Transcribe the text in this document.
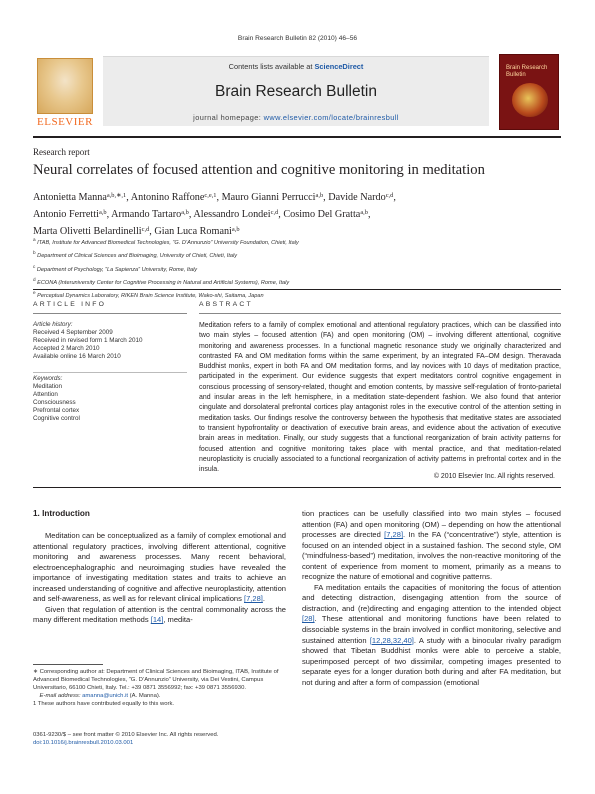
Brain Research Bulletin 82 (2010) 46–56
ELSEVIER
Contents lists available at ScienceDirect
Brain Research Bulletin
journal homepage: www.elsevier.com/locate/brainresbull
Brain Research Bulletin
Research report
Neural correlates of focused attention and cognitive monitoring in meditation
Antonietta Manna$^{a,b,∗,1}$, Antonino Raffone$^{c,e,1}$, Mauro Gianni Perrucci$^{a,b}$, Davide Nardo$^{c,d}$,
Antonio Ferretti$^{a,b}$, Armando Tartaro$^{a,b}$, Alessandro Londei$^{c,d}$, Cosimo Del Gratta$^{a,b}$,
Marta Olivetti Belardinelli$^{c,d}$, Gian Luca Romani$^{a,b}$
$^a$ ITAB, Institute for Advanced Biomedical Technologies, “G. D’Annunzio” University Foundation, Chieti, Italy
$^b$ Department of Clinical Sciences and Bioimaging, University of Chieti, Chieti, Italy
$^c$ Department of Psychology, “La Sapienza” University, Rome, Italy
$^d$ ECONA (Interuniversity Center for Cognitive Processing in Natural and Artificial Systems), Rome, Italy
$^e$ Perceptual Dynamics Laboratory, RIKEN Brain Science Institute, Wako-shi, Saitama, Japan
ARTICLE INFO	ABSTRACT
Article history:
Received 4 September 2009
Received in revised form 1 March 2010
Accepted 2 March 2010
Available online 16 March 2010
Keywords:
Meditation
Attention
Consciousness
Prefrontal cortex
Cognitive control
Meditation refers to a family of complex emotional and attentional regulatory practices, which can be classified into two main styles – focused attention (FA) and open monitoring (OM) – involving different attentional, cognitive monitoring and awareness processes. In a functional magnetic resonance study we originally characterized and contrasted FA and OM meditation forms within the same experiment, by an integrated FA–OM design. Theravada Buddhist monks, expert in both FA and OM meditation forms, and lay novices with 10 days of meditation practice, participated in the experiment. Our evidence suggests that expert meditators control cognitive engagement in conscious processing of sensory-related, thought and emotion contents, by massive self-regulation of fronto-parietal and insular areas in the left hemisphere, in a meditation state-dependent fashion. We also found that anterior cingulate and dorsolateral prefrontal cortices play antagonist roles in the executive control of the attention setting in meditation tasks. Our findings resolve the controversy between the hypothesis that meditative states are associated to transient hypofrontality or deactivation of executive brain areas, and evidence about the activation of executive brain areas in meditation. Finally, our study suggests that a functional reorganization of brain activity patterns for focused attention and cognitive monitoring takes place with mental practice, and that meditation-related neuroplasticity is crucially associated to a functional reorganization of activity patterns in prefrontal cortex and in the insula.
© 2010 Elsevier Inc. All rights reserved.
1. Introduction

Meditation can be conceptualized as a family of complex emotional and attentional regulatory practices, involving different attentional, cognitive monitoring and awareness processes. Many recent behavioral, electroencephalographic and neuroimaging studies have revealed the importance of investigating meditation states and traits to achieve an increased understanding of cognitive and affective neuroplasticity, attention and self-awareness, as well as for relevant clinical implications [7,28].

Given that regulation of attention is the central commonality across the many different meditation methods [14], medita-

tion practices can be usefully classified into two main styles – focused attention (FA) and open monitoring (OM) – depending on how the attentional processes are directed [7,28]. In the FA (“concentrative”) style, attention is focused on an intended object in a sustained fashion. The second style, OM (“mindfulness-based”) meditation, involves the non-reactive monitoring of the content of experience from moment to moment, primarily as a means to recognize the nature of emotional and cognitive patterns.

FA meditation entails the capacities of monitoring the focus of attention and detecting distraction, disengaging attention from the source of distraction, and (re)directing and engaging attention to the intended object [28]. These attentional and monitoring functions have been related to dissociable systems in the brain involved in conflict monitoring, selective and sustained attention [12,28,32,40]. A study with a binocular rivalry paradigm showed that Tibetan Buddhist monks were able to perceive a stable, superimposed percept of two dissimilar, competing images presented to separate eyes for a longer duration both during and after FA meditation, but not during and after a form of compassion (emotional

∗ Corresponding author at: Department of Clinical Sciences and Bioimaging, ITAB, Institute of Advanced Biomedical Technologies, “G. D’Annunzio” University, via Dei Vestini, Campus Universitario, 66100 Chieti, Italy. Tel.: +39 0871 3556992; fax: +39 0871 3556930.
E-mail address: amanna@unich.it (A. Manna).
1 These authors have contributed equally to this work.
0361-9230/$ – see front matter © 2010 Elsevier Inc. All rights reserved.
doi:10.1016/j.brainresbull.2010.03.001
